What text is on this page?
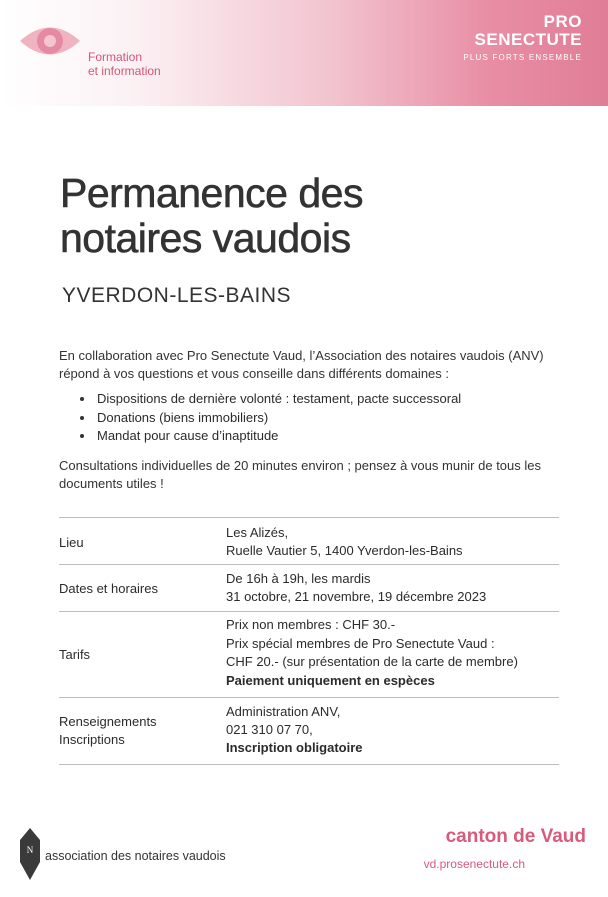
Formation
et information
PRO
SENECTUTE
PLUS FORTS ENSEMBLE
Permanence des
notaires vaudois
YVERDON-LES-BAINS
En collaboration avec Pro Senectute Vaud, l’Association des notaires vaudois (ANV) répond à vos questions et vous conseille dans différents domaines :
Dispositions de dernière volonté : testament, pacte successoral
Donations (biens immobiliers)
Mandat pour cause d’inaptitude
Consultations individuelles de 20 minutes environ ; pensez à vous munir de tous les documents utiles !
Lieu
Les Alizés,
Ruelle Vautier 5, 1400 Yverdon-les-Bains
Dates et horaires
De 16h à 19h, les mardis
31 octobre, 21 novembre, 19 décembre 2023
Tarifs
Prix non membres : CHF 30.-
Prix spécial membres de Pro Senectute Vaud :
CHF 20.- (sur présentation de la carte de membre)
Paiement uniquement en espèces
Renseignements
Inscriptions
Administration ANV,
021 310 07 70,
Inscription obligatoire
N association des notaires vaudois
canton de Vaud
vd.prosenectute.ch
